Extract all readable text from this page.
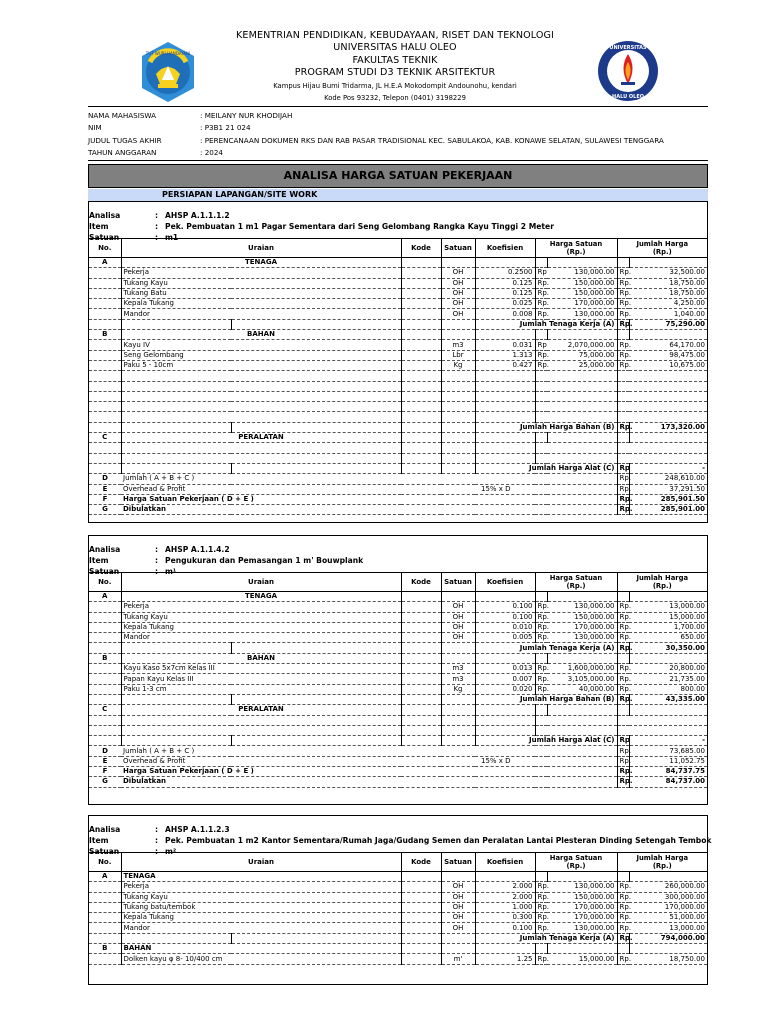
TUT WURI HANDAYANI
KEMENTRIAN PENDIDIKAN, KEBUDAYAAN, RISET DAN TEKNOLOGI
UNIVERSITAS HALU OLEO
FAKULTAS TEKNIK
PROGRAM STUDI D3 TEKNIK ARSITEKTUR
Kampus Hijau Bumi Tridarma, JL H.E.A Mokodompit Andounohu, kendari
Kode Pos 93232, Telepon (0401) 3198229
UNIVERSITAS
HALU OLEO
NAMA MAHASISWA	: MEILANY NUR KHODIJAH
NIM	: P3B1 21 024
JUDUL TUGAS AKHIR	: PERENCANAAN DOKUMEN RKS DAN RAB PASAR TRADISIONAL KEC. SABULAKOA, KAB. KONAWE SELATAN, SULAWESI TENGGARA
TAHUN ANGGARAN	: 2024
ANALISA HARGA SATUAN PEKERJAAN
PERSIAPAN LAPANGAN/SITE WORK
Analisa	: AHSP A.1.1.1.2
Item	: Pek. Pembuatan 1 m1 Pagar Sementara dari Seng Gelombang Rangka Kayu Tinggi 2 Meter
Satuan	: m1
No.	Uraian		Kode	Satuan	Koefisien	Harga Satuan
(Rp.)		Jumlah Harga
(Rp.)	

A	TENAGA								
	Pekerja			OH	0.2500	Rp	130,000.00	Rp.	32,500.00
	Tukang Kayu			OH	0.125	Rp.	150,000.00	Rp.	18,750.00
	Tukang Batu			OH	0.125	Rp.	150,000.00	Rp.	18,750.00
	Kepala Tukang			OH	0.025	Rp.	170,000.00	Rp.	4,250.00
	Mandor			OH	0.008	Rp.	130,000.00	Rp.	1,040.00
					Jumlah Tenaga Kerja (A)			Rp.	75,290.00
B	BAHAN								
	Kayu IV			m3	0.031	Rp	2,070,000.00	Rp.	64,170.00
	Seng Gelombang			Lbr	1.313	Rp.	75,000.00	Rp.	98,475.00
	Paku 5 - 10cm			Kg	0.427	Rp.	25,000.00	Rp.	10,675.00

					Jumlah Harga Bahan (B)			Rp.	173,320.00
C	PERALATAN								

					Jumlah Harga Alat (C)			Rp	-
D	Jumlah ( A + B + C )							Rp.	248,610.00
E	Overhead & Profit				15% x D			Rp.	37,291.50
F	Harga Satuan Pekerjaan ( D + E )							Rp.	285,901.50
G	Dibulatkan							Rp.	285,901.00
Analisa	: AHSP A.1.1.4.2
Item	: Pengukuran dan Pemasangan 1 m' Bouwplank
Satuan	: m¹
No.	Uraian		Kode	Satuan	Koefisien	Harga Satuan
(Rp.)		Jumlah Harga
(Rp.)	

A	TENAGA								
	Pekerja			OH	0.100	Rp.	130,000.00	Rp.	13,000.00
	Tukang Kayu			OH	0.100	Rp.	150,000.00	Rp.	15,000.00
	Kepala Tukang			OH	0.010	Rp.	170,000.00	Rp.	1,700.00
	Mandor			OH	0.005	Rp.	130,000.00	Rp.	650.00
					Jumlah Tenaga Kerja (A)			Rp.	30,350.00
B	BAHAN								
	Kayu Kaso 5x7cm Kelas III			m3	0.013	Rp.	1,600,000.00	Rp.	20,800.00
	Papan Kayu Kelas III			m3	0.007	Rp.	3,105,000.00	Rp.	21,735.00
	Paku 1-3 cm			Kg	0.020	Rp.	40,000.00	Rp.	800.00
					Jumlah Harga Bahan (B)			Rp.	43,335.00
C	PERALATAN								

					Jumlah Harga Alat (C)			Rp	-
D	Jumlah ( A + B + C )							Rp.	73,685.00
E	Overhead & Profit				15% x D			Rp.	11,052.75
F	Harga Satuan Pekerjaan ( D + E )							Rp.	84,737.75
G	Dibulatkan							Rp.	84,737.00
Analisa	: AHSP A.1.1.2.3
Item	: Pek. Pembuatan 1 m2 Kantor Sementara/Rumah Jaga/Gudang Semen dan Peralatan Lantai Plesteran Dinding Setengah Tembok
Satuan	: m²
No.	Uraian		Kode	Satuan	Koefisien	Harga Satuan
(Rp.)		Jumlah Harga
(Rp.)	

A	TENAGA								
	Pekerja			OH	2.000	Rp.	130,000.00	Rp.	260,000.00
	Tukang Kayu			OH	2.000	Rp.	150,000.00	Rp.	300,000.00
	Tukang batu/tembok			OH	1.000	Rp.	170,000.00	Rp.	170,000.00
	Kepala Tukang			OH	0.300	Rp.	170,000.00	Rp.	51,000.00
	Mandor			OH	0.100	Rp.	130,000.00	Rp.	13,000.00
					Jumlah Tenaga Kerja (A)			Rp.	794,000.00
B	BAHAN								
	Dolken kayu φ 8- 10/400 cm			m'	1.25	Rp.	15,000.00	Rp.	18,750.00
